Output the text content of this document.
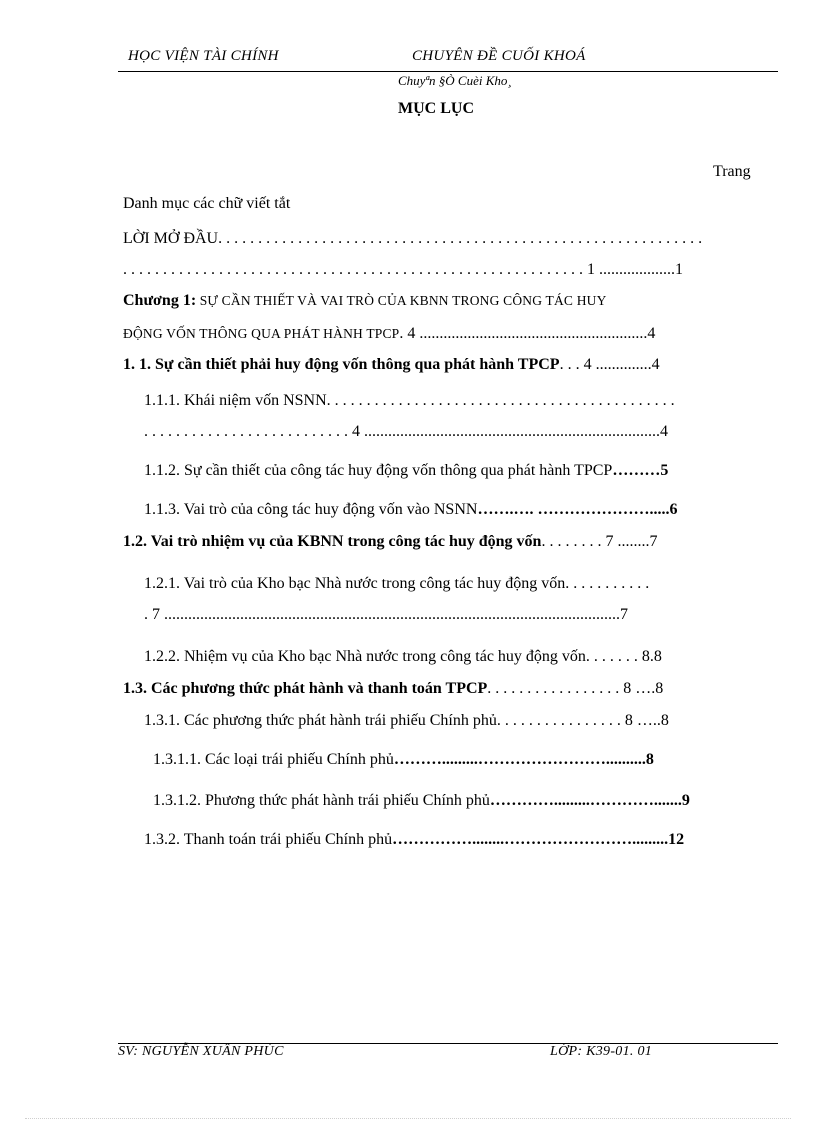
HỌC VIỆN TÀI CHÍNH	CHUYÊN ĐỀ CUỐI KHOÁ
Chuyªn §Ò Cuèi Kho¸
MỤC LỤC
Trang
Danh mục các chữ viết tắt
LỜI MỞ ĐẦU. . . . . . . . . . . . . . . . . . . . . . . . . . . . . . . . . . . . . . . . . . . . . . . . . . . . . . . . . . . . .
. . . . . . . . . . . . . . . . . . . . . . . . . . . . . . . . . . . . . . . . . . . . . . . . . . . . . . . . . . 1 ...................1
Chương 1: SỰ CẦN THIẾT VÀ VAI TRÒ CỦA KBNN TRONG CÔNG TÁC HUY
ĐỘNG VỐN THÔNG QUA PHÁT HÀNH TPCP. 4 .........................................................4
1. 1. Sự cần thiết phải huy động vốn thông qua phát hành TPCP. . . 4 ..............4
1.1.1. Khái niệm vốn NSNN. . . . . . . . . . . . . . . . . . . . . . . . . . . . . . . . . . . . . . . . . . . .
. . . . . . . . . . . . . . . . . . . . . . . . . . 4 ..........................................................................4
1.1.2. Sự cần thiết của công tác huy động vốn thông qua phát hành TPCP………5
1.1.3. Vai trò của công tác huy động vốn vào NSNN…….…. ………………….....6
1.2. Vai trò nhiệm vụ của KBNN trong công tác huy động vốn. . . . . . . . 7 ........7
1.2.1. Vai trò của Kho bạc Nhà nước trong công tác huy động vốn. . . . . . . . . . .
. 7 ..................................................................................................................7
1.2.2. Nhiệm vụ của Kho bạc Nhà nước trong công tác huy động vốn. . . . . . . 8.8
1.3. Các phương thức phát hành và thanh toán TPCP. . . . . . . . . . . . . . . . . 8 ….8
1.3.1. Các phương thức phát hành trái phiếu Chính phủ. . . . . . . . . . . . . . . . 8 …..8
1.3.1.1. Các loại trái phiếu Chính phủ……….........……………………..........8
1.3.1.2. Phương thức phát hành trái phiếu Chính phủ………….........………….......9
1.3.2. Thanh toán trái phiếu Chính phủ……………........…………………….........12
SV: NGUYỄN XUÂN PHÚC	LỚP: K39-01. 01
